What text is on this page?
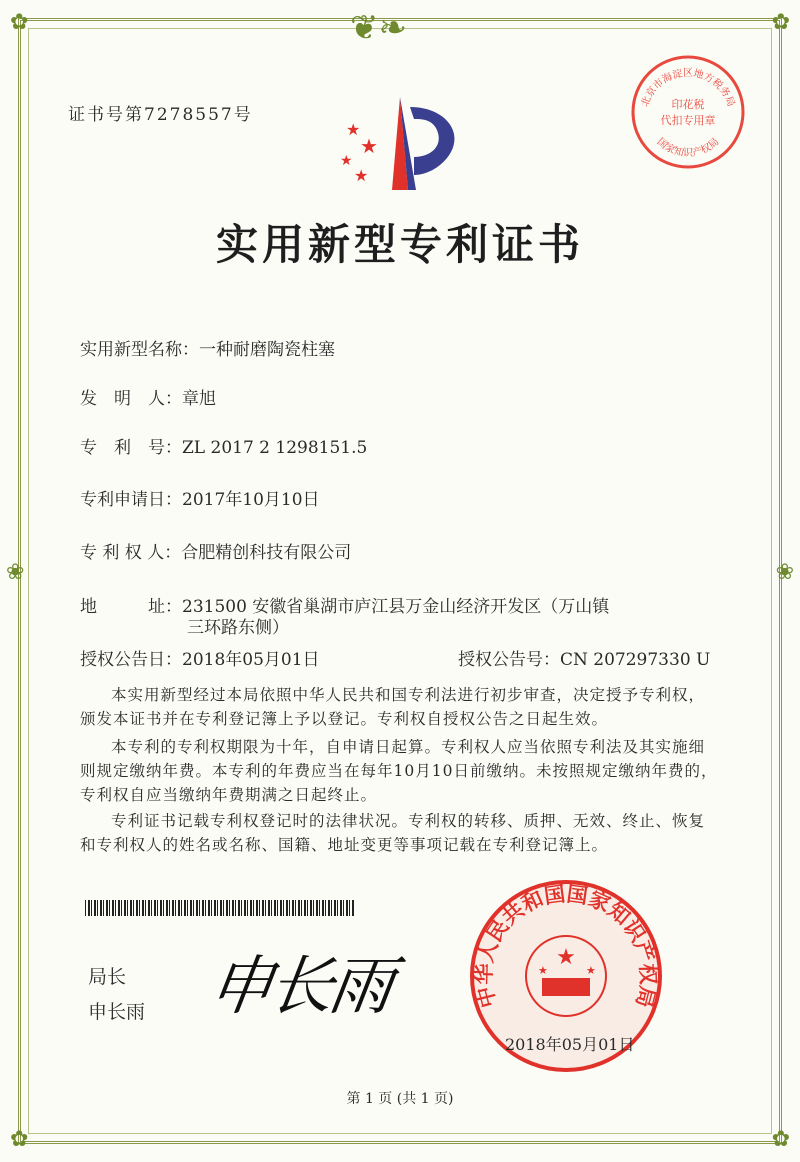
❦❧
❀	❀
✿	✿
✿	✿
证书号第7278557号
★
★
★
★
北京市海淀区地方税务局
印花税
代扣专用章
国家知识产权局
实用新型专利证书
实用新型名称：一种耐磨陶瓷柱塞
发　明　人：章旭
专　利　号：ZL 2017 2 1298151.5
专利申请日：2017年10月10日
专 利 权 人：合肥精创科技有限公司
地　　　址：231500 安徽省巢湖市庐江县万金山经济开发区（万山镇
三环路东侧）
授权公告日：2018年05月01日	授权公告号：CN 207297330 U
本实用新型经过本局依照中华人民共和国专利法进行初步审查，决定授予专利权，颁发本证书并在专利登记簿上予以登记。专利权自授权公告之日起生效。
本专利的专利权期限为十年，自申请日起算。专利权人应当依照专利法及其实施细则规定缴纳年费。本专利的年费应当在每年10月10日前缴纳。未按照规定缴纳年费的，专利权自应当缴纳年费期满之日起终止。
专利证书记载专利权登记时的法律状况。专利权的转移、质押、无效、终止、恢复和专利权人的姓名或名称、国籍、地址变更等事项记载在专利登记簿上。
局长
申长雨 申长雨	中华人民共和国国家知识产权局
★
★	★
2018年05月01日
第 1 页 (共 1 页)
